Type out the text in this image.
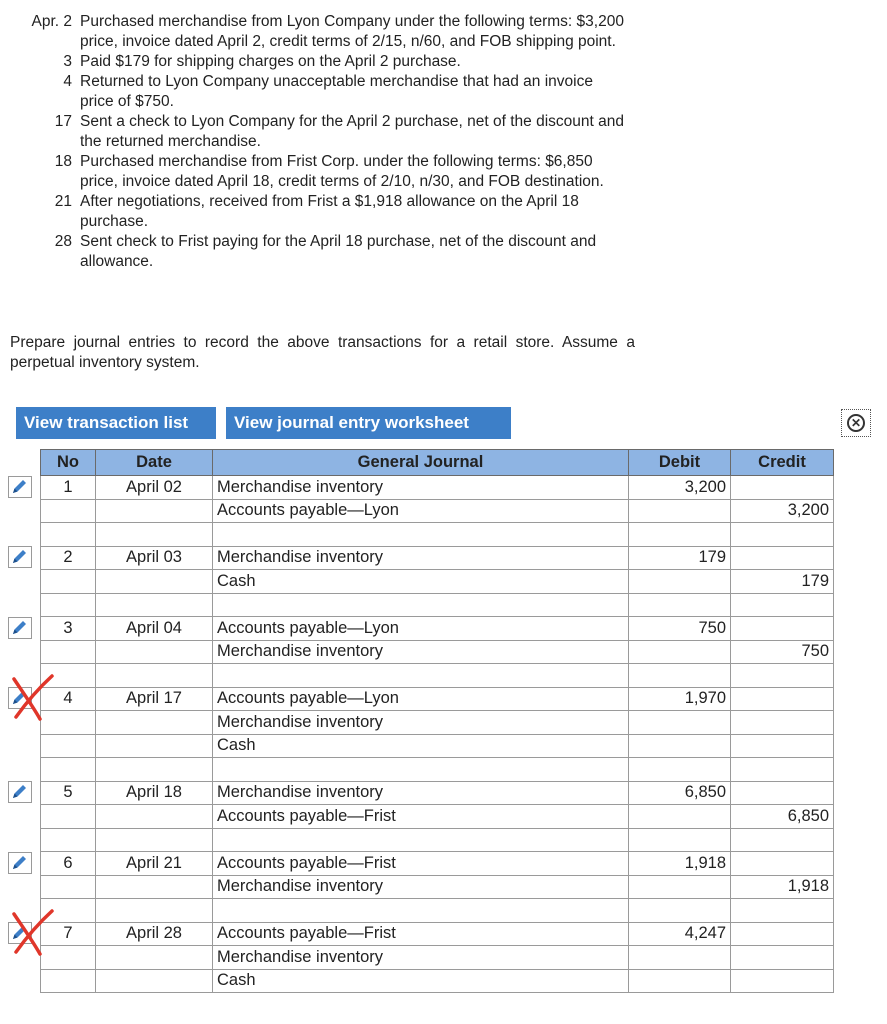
Apr. 2 Purchased merchandise from Lyon Company under the following terms: $3,200 price, invoice dated April 2, credit terms of 2/15, n/60, and FOB shipping point.
3 Paid $179 for shipping charges on the April 2 purchase.
4 Returned to Lyon Company unacceptable merchandise that had an invoice price of $750.
17 Sent a check to Lyon Company for the April 2 purchase, net of the discount and the returned merchandise.
18 Purchased merchandise from Frist Corp. under the following terms: $6,850 price, invoice dated April 18, credit terms of 2/10, n/30, and FOB destination.
21 After negotiations, received from Frist a $1,918 allowance on the April 18 purchase.
28 Sent check to Frist paying for the April 18 purchase, net of the discount and allowance.
Prepare journal entries to record the above transactions for a retail store. Assume a perpetual inventory system.
View transaction list	View journal entry worksheet	✕
No	Date	General Journal	Debit	Credit
1	April 02	Merchandise inventory	3,200	
		Accounts payable—Lyon		3,200

2	April 03	Merchandise inventory	179	
		Cash		179

3	April 04	Accounts payable—Lyon	750	
		Merchandise inventory		750

4	April 17	Accounts payable—Lyon	1,970	
		Merchandise inventory		
		Cash		

5	April 18	Merchandise inventory	6,850	
		Accounts payable—Frist		6,850

6	April 21	Accounts payable—Frist	1,918	
		Merchandise inventory		1,918

7	April 28	Accounts payable—Frist	4,247	
		Merchandise inventory		
		Cash		
